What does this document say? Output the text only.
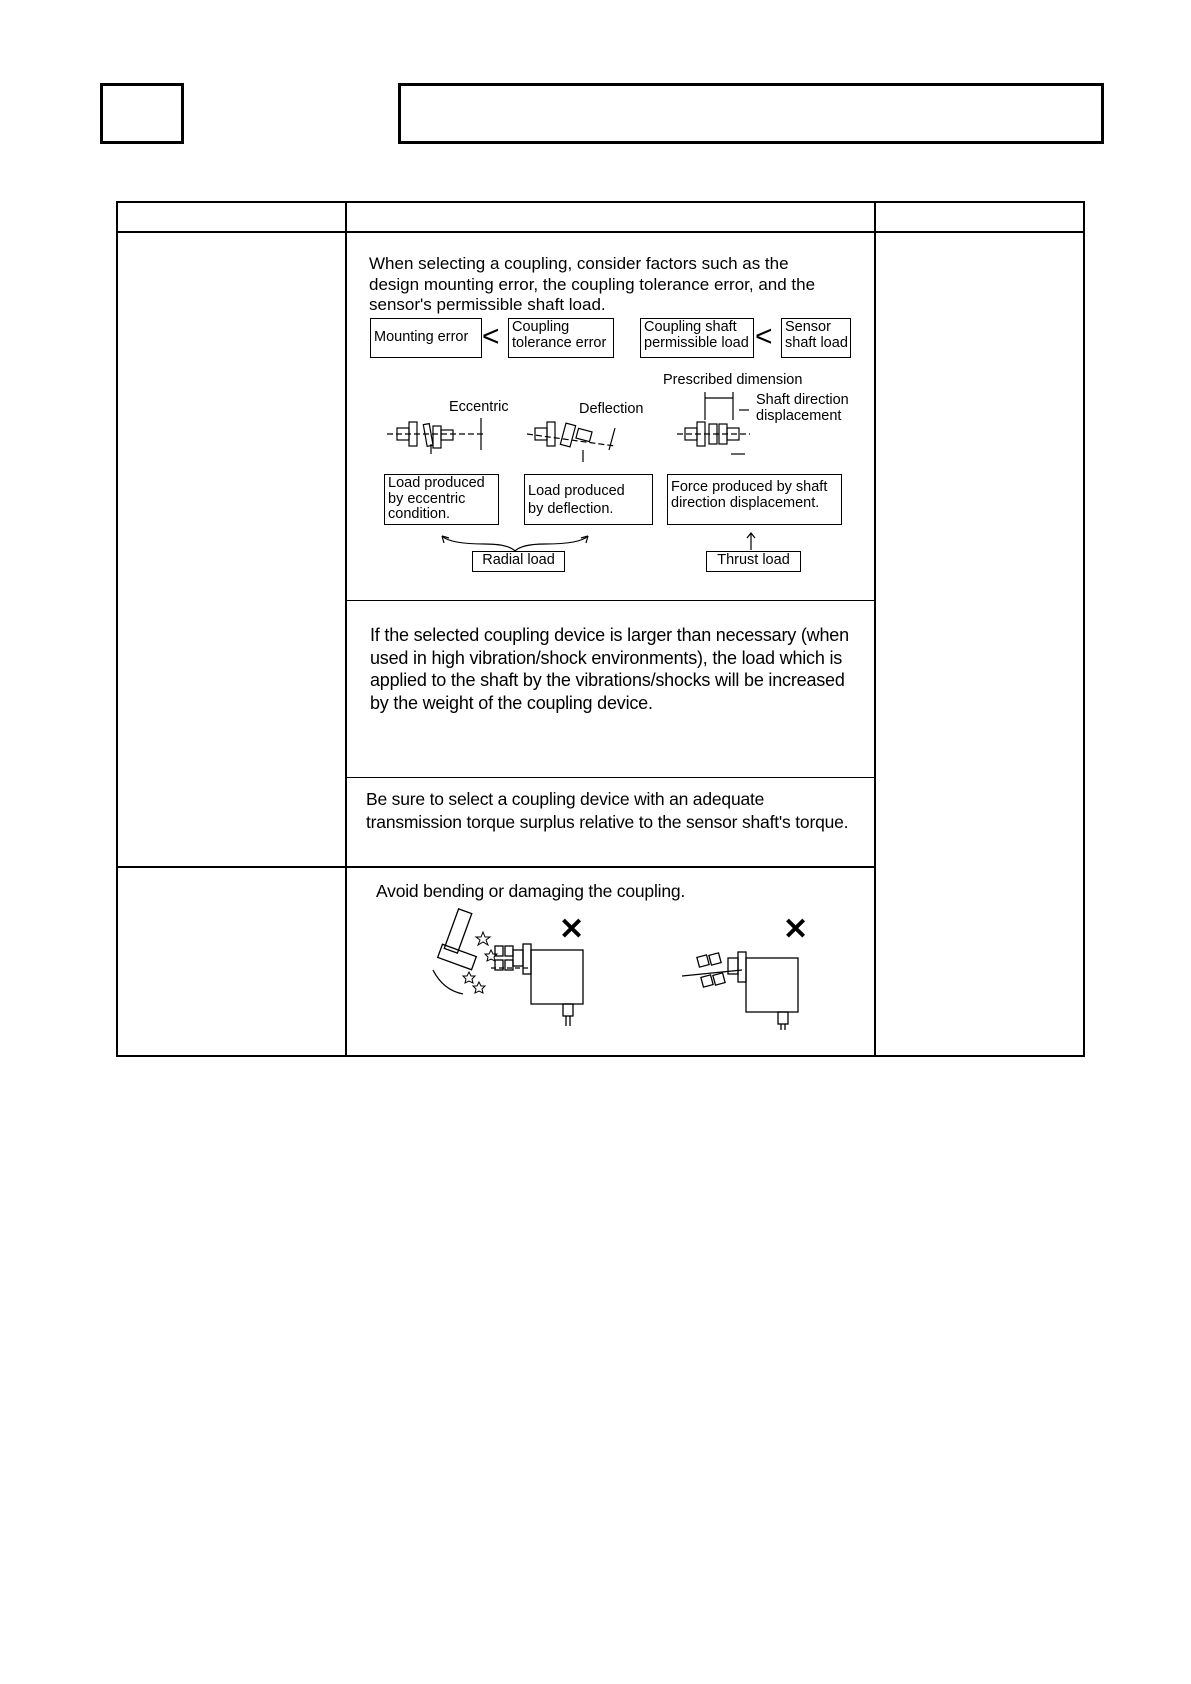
When selecting a coupling, consider factors such as the
design mounting error, the coupling tolerance error, and the
sensor's permissible shaft load.
Mounting error < Coupling
tolerance error
Coupling shaft
permissible load < Sensor
shaft load
Eccentric	Deflection
Prescribed dimension
Shaft direction
displacement
Load produced
by eccentric
condition.
Load produced
by deflection.
Force produced by shaft
direction displacement.
Radial load	Thrust load
If the selected coupling device is larger than necessary (when
used in high vibration/shock environments), the load which is
applied to the shaft by the vibrations/shocks will be increased
by the weight of the coupling device.
Be sure to select a coupling device with an adequate
transmission torque surplus relative to the sensor shaft's torque.
Avoid bending or damaging the coupling.
✕	✕
